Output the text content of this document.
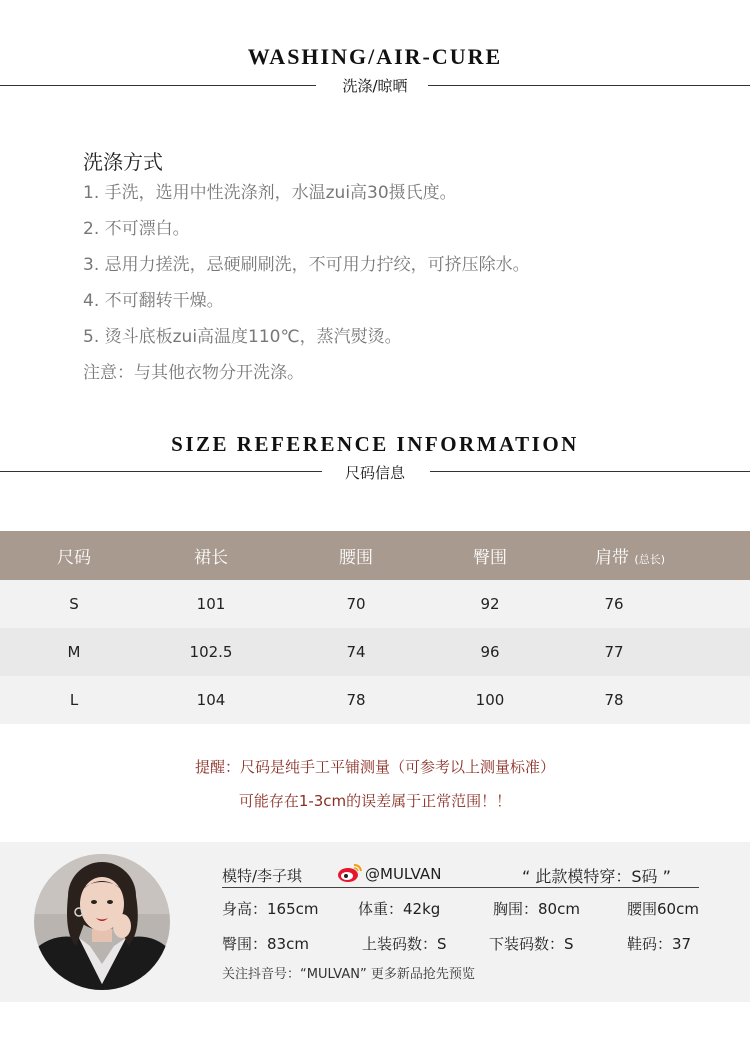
WASHING/AIR-CURE
洗涤/晾晒
洗涤方式
1. 手洗，选用中性洗涤剂，水温zui高30摄氏度。
2. 不可漂白。
3. 忌用力搓洗，忌硬刷刷洗，不可用力拧绞，可挤压除水。
4. 不可翻转干燥。
5. 烫斗底板zui高温度110℃，蒸汽熨烫。
注意：与其他衣物分开洗涤。
SIZE REFERENCE INFORMATION
尺码信息
尺码	裙长	腰围	臀围	肩带 (总长)
S	101	70	92	76
M	102.5	74	96	77
L	104	78	100	78
提醒：尺码是纯手工平铺测量（可参考以上测量标准）
可能存在1-3cm的误差属于正常范围！！
模特/李子琪	@MULVAN	“ 此款模特穿：S码 ”
身高：165cm	体重：42kg	胸围：80cm	腰围60cm
臀围：83cm	上装码数：S	下装码数：S	鞋码：37
关注抖音号：“MULVAN” 更多新品抢先预览
